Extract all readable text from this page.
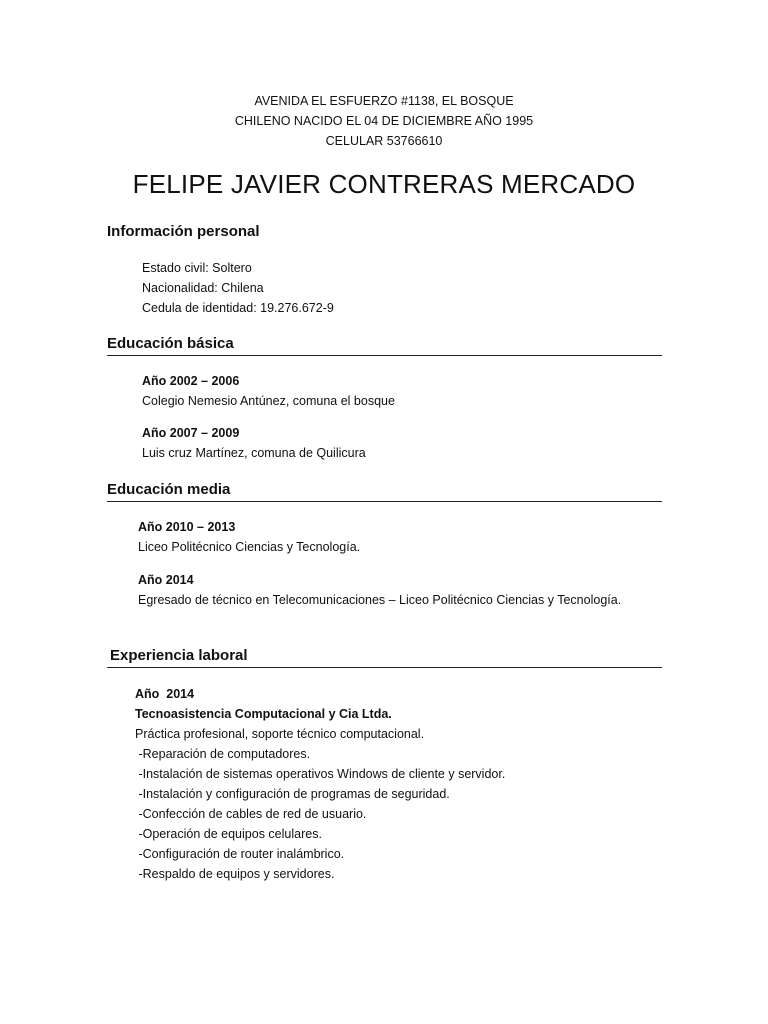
AVENIDA EL ESFUERZO #1138, EL BOSQUE
CHILENO NACIDO EL 04 DE DICIEMBRE AÑO 1995
CELULAR 53766610
FELIPE JAVIER CONTRERAS MERCADO
Información personal
Estado civil: Soltero
Nacionalidad: Chilena
Cedula de identidad: 19.276.672-9
Educación básica
Año 2002 – 2006
Colegio Nemesio Antúnez, comuna el bosque
Año 2007 – 2009
Luis cruz Martínez, comuna de Quilicura
Educación media
Año 2010 – 2013
Liceo Politécnico Ciencias y Tecnología.
Año 2014
Egresado de técnico en Telecomunicaciones – Liceo Politécnico Ciencias y Tecnología.
Experiencia laboral
Año  2014
Tecnoasistencia Computacional y Cia Ltda.
Práctica profesional, soporte técnico computacional.
-Reparación de computadores.
-Instalación de sistemas operativos Windows de cliente y servidor.
-Instalación y configuración de programas de seguridad.
-Confección de cables de red de usuario.
-Operación de equipos celulares.
-Configuración de router inalámbrico.
-Respaldo de equipos y servidores.
